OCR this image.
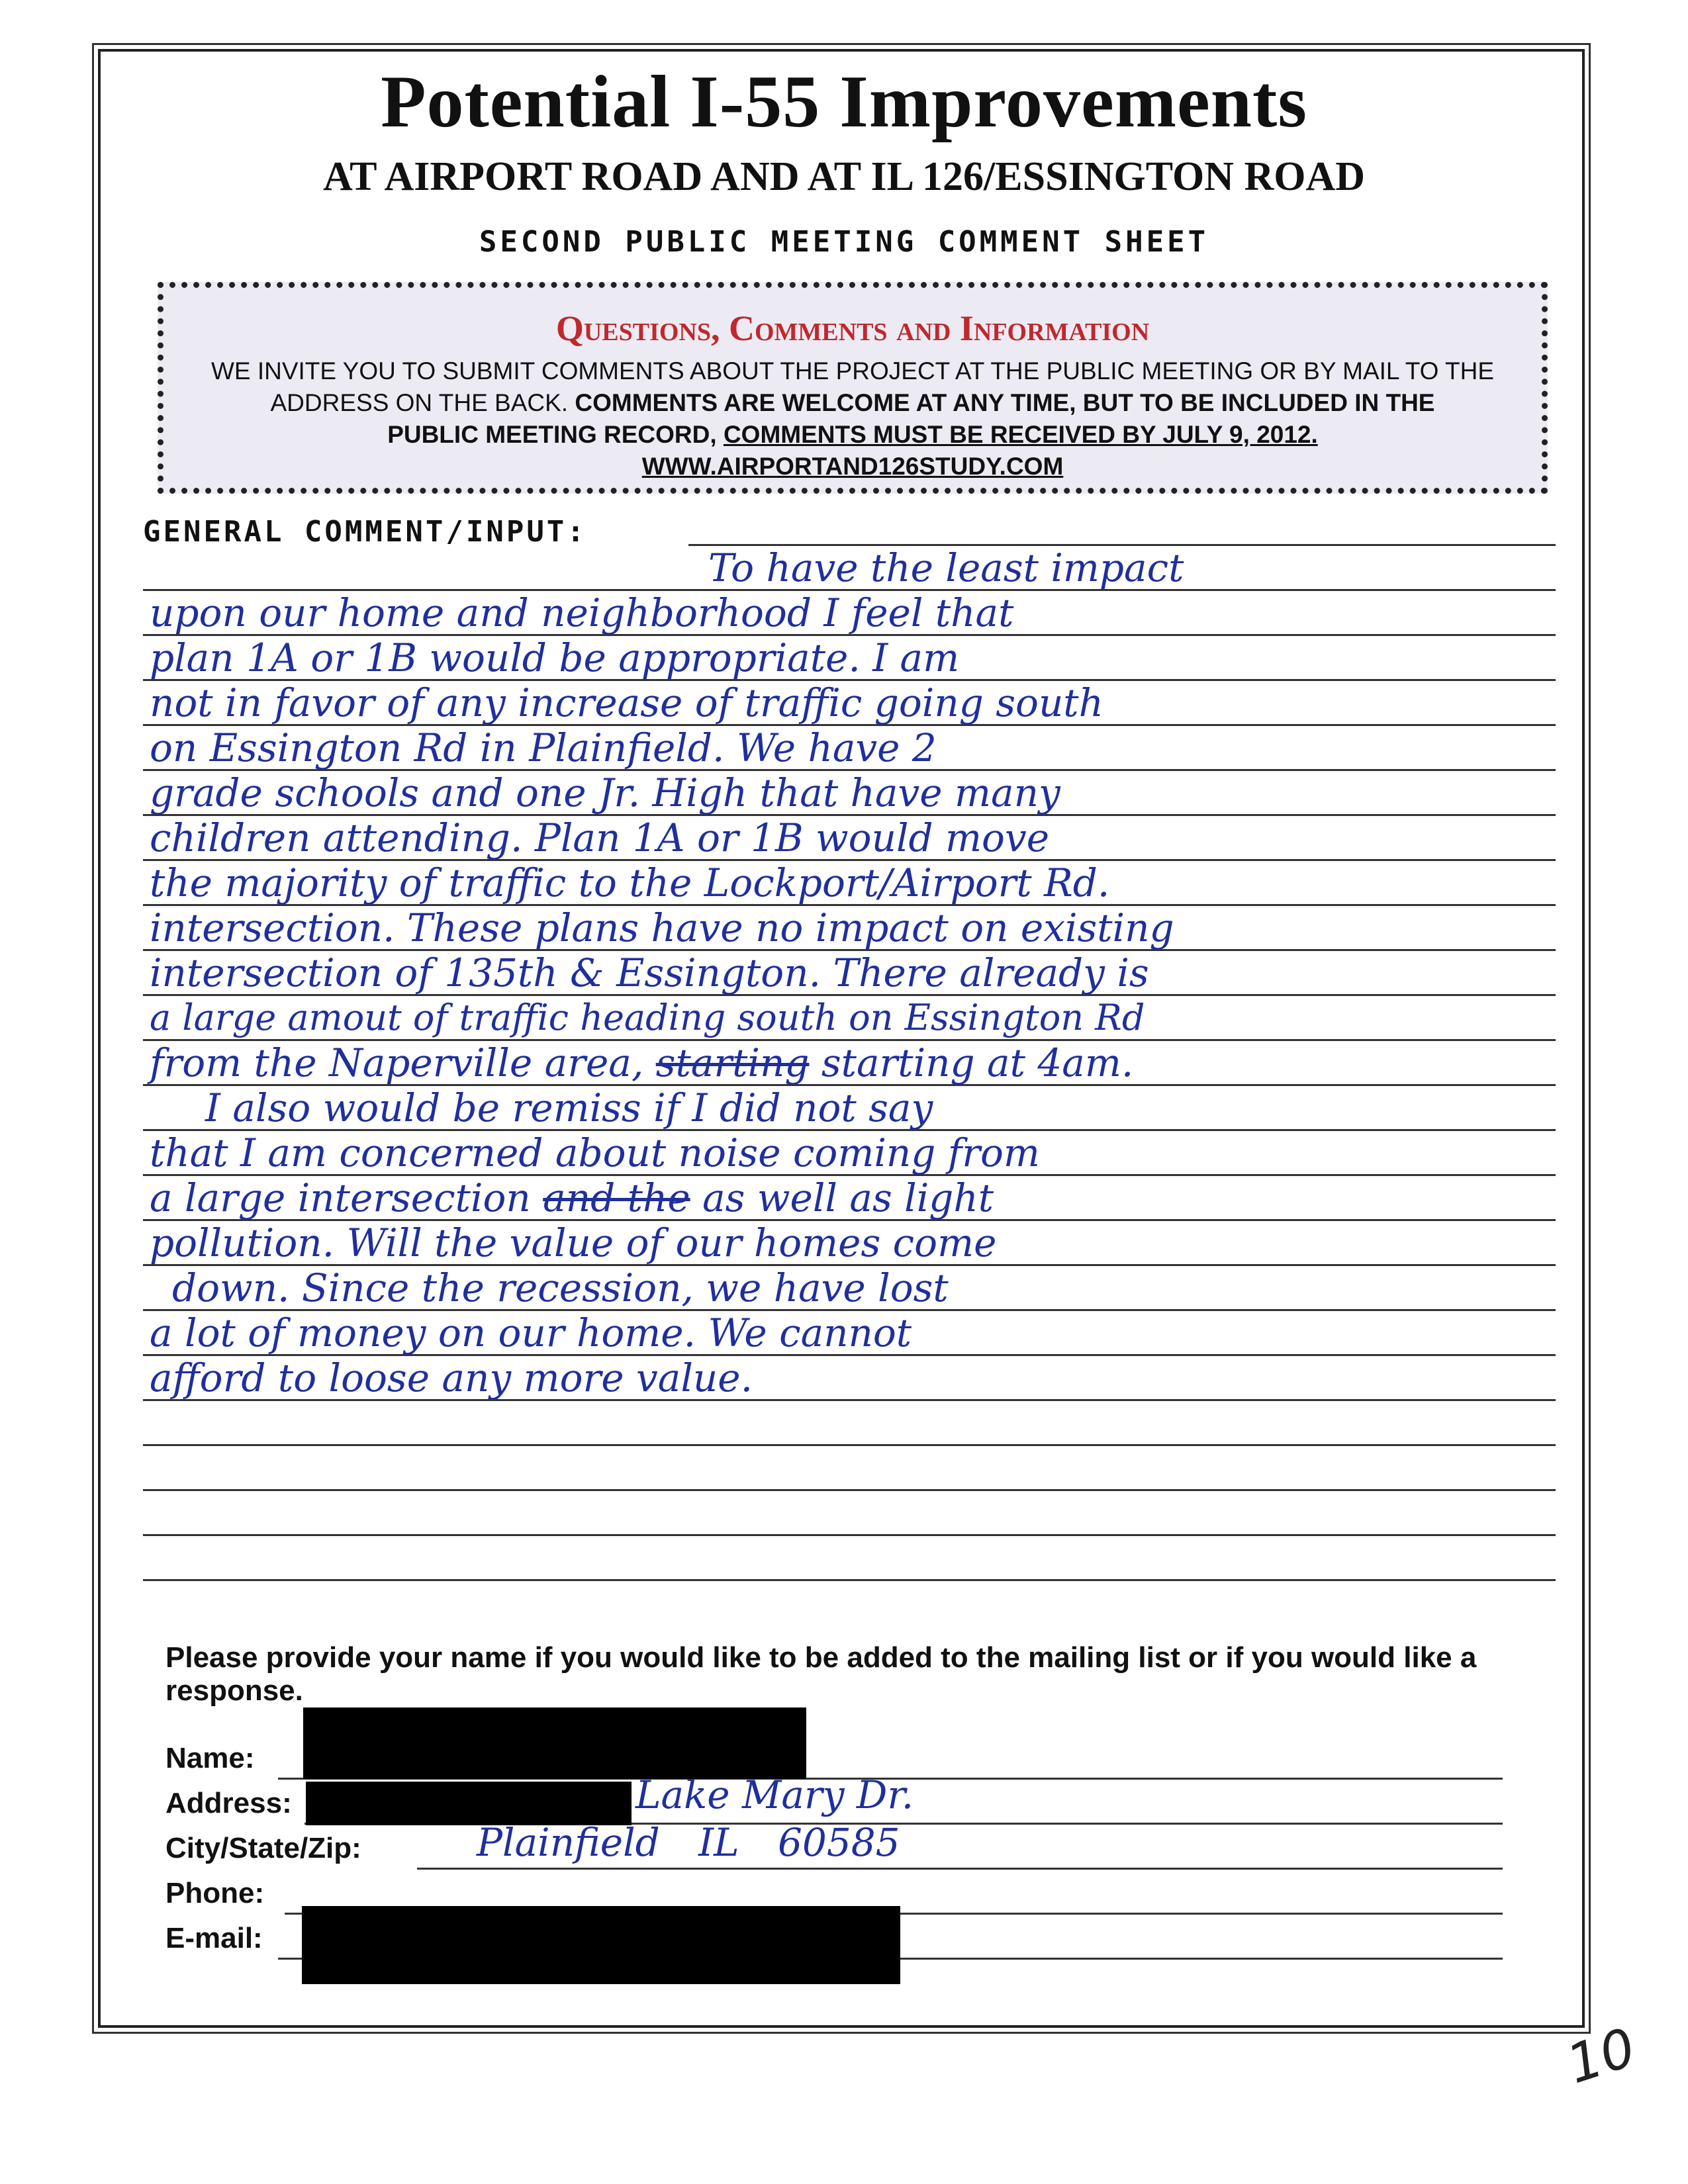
Potential I-55 Improvements
AT AIRPORT ROAD AND AT IL 126/ESSINGTON ROAD
SECOND PUBLIC MEETING COMMENT SHEET
Questions, Comments and Information
WE INVITE YOU TO SUBMIT COMMENTS ABOUT THE PROJECT AT THE PUBLIC MEETING OR BY MAIL TO THE
ADDRESS ON THE BACK. COMMENTS ARE WELCOME AT ANY TIME, BUT TO BE INCLUDED IN THE
PUBLIC MEETING RECORD, COMMENTS MUST BE RECEIVED BY JULY 9, 2012.
WWW.AIRPORTAND126STUDY.COM
GENERAL COMMENT/INPUT:
To have the least impact
upon our home and neighborhood I feel that
plan 1A or 1B would be appropriate. I am
not in favor of any increase of traffic going south
on Essington Rd in Plainfield. We have 2
grade schools and one Jr. High that have many
children attending. Plan 1A or 1B would move
the majority of traffic to the Lockport/Airport Rd.
intersection. These plans have no impact on existing
intersection of 135th & Essington. There already is
a large amout of traffic heading south on Essington Rd
from the Naperville area, starting starting at 4am.
I also would be remiss if I did not say
that I am concerned about noise coming from
a large intersection and the as well as light
pollution. Will the value of our homes come
down. Since the recession, we have lost
a lot of money on our home. We cannot
afford to loose any more value.
Please provide your name if you would like to be added to the mailing list or if you would like a response.
Name:
Address:	Lake Mary Dr.
City/State/Zip:	Plainfield IL 60585
Phone:
E-mail:
10
